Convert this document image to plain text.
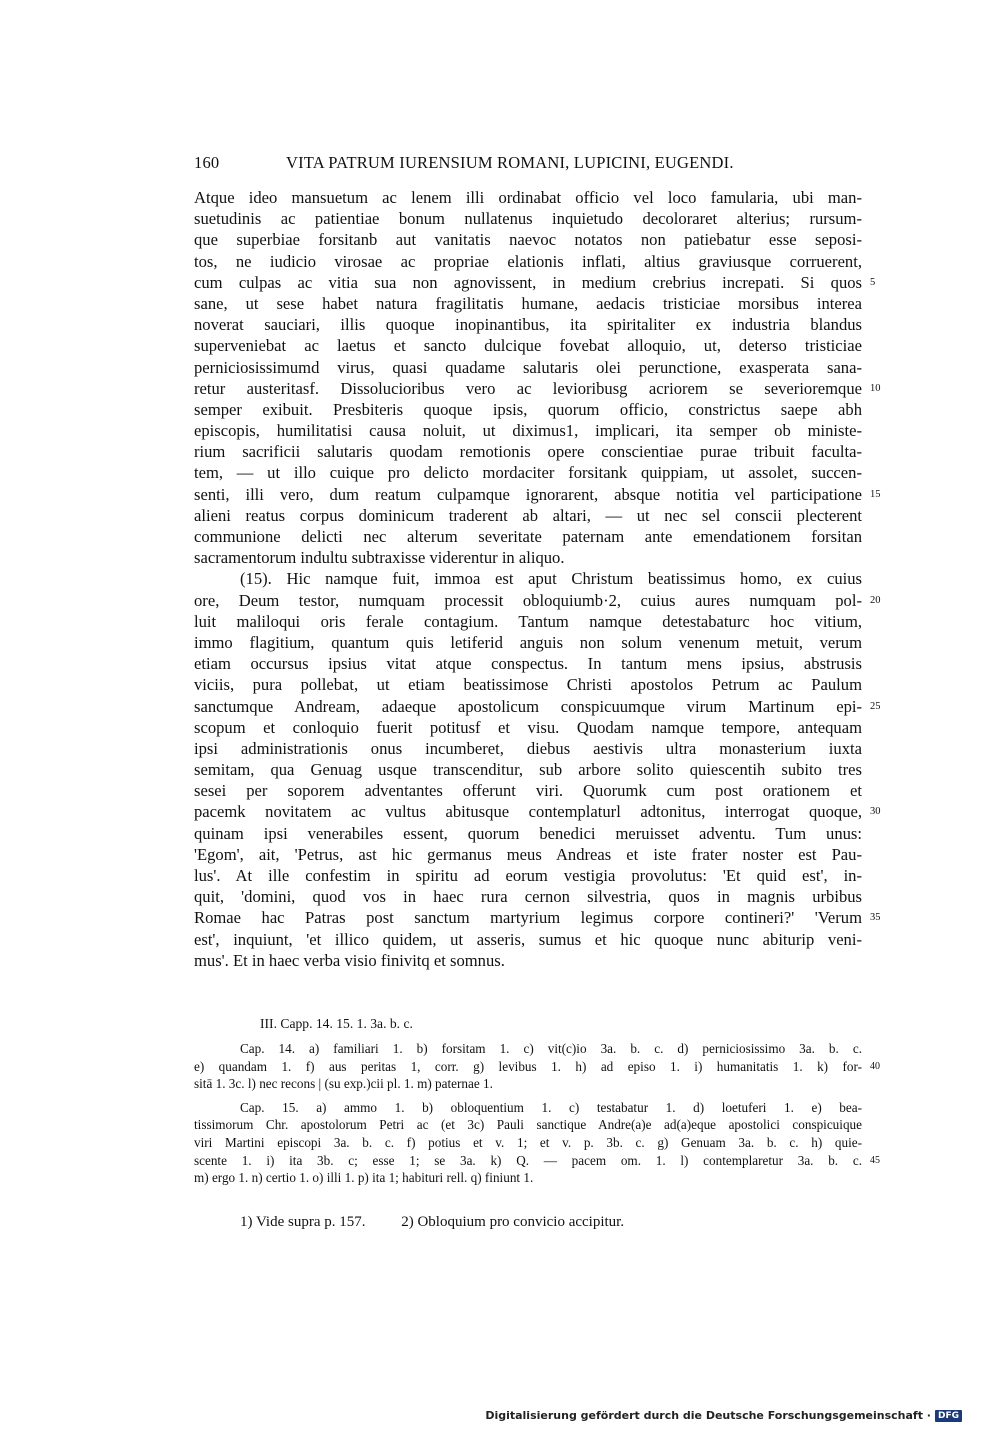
160	VITA PATRUM IURENSIUM ROMANI, LUPICINI, EUGENDI.
Atque ideo mansuetum ac lenem illi ordinabat officio vel loco famularia, ubi man-
suetudinis ac patientiae bonum nullatenus inquietudo decoloraret alterius; rursum-
que superbiae forsitanb aut vanitatis naevoc notatos non patiebatur esse seposi-
tos, ne iudicio virosae ac propriae elationis inflati, altius graviusque corruerent,
cum culpas ac vitia sua non agnovissent, in medium crebrius increpati. Si quos 5
sane, ut sese habet natura fragilitatis humane, aedacis tristiciae morsibus interea
noverat sauciari, illis quoque inopinantibus, ita spiritaliter ex industria blandus
superveniebat ac laetus et sancto dulcique fovebat alloquio, ut, deterso tristiciae
perniciosissimumd virus, quasi quadame salutaris olei perunctione, exasperata sana-
retur austeritasf. Dissolucioribus vero ac levioribusg acriorem se severioremque 10
semper exibuit. Presbiteris quoque ipsis, quorum officio, constrictus saepe abh
episcopis, humilitatisi causa noluit, ut diximus1, implicari, ita semper ob ministe-
rium sacrificii salutaris quodam remotionis opere conscientiae purae tribuit faculta-
tem, — ut illo cuique pro delicto mordaciter forsitank quippiam, ut assolet, succen-
senti, illi vero, dum reatum culpamque ignorarent, absque notitia vel participatione 15
alieni reatus corpus dominicum traderent ab altari, — ut nec sel conscii plecterent
communione delicti nec alterum severitate paternam ante emendationem forsitan
sacramentorum indultu subtraxisse viderentur in aliquo.
(15). Hic namque fuit, immoa est aput Christum beatissimus homo, ex cuius
ore, Deum testor, numquam processit obloquiumb·2, cuius aures numquam pol- 20
luit maliloqui oris ferale contagium. Tantum namque detestabaturc hoc vitium,
immo flagitium, quantum quis letiferid anguis non solum venenum metuit, verum
etiam occursus ipsius vitat atque conspectus. In tantum mens ipsius, abstrusis
viciis, pura pollebat, ut etiam beatissimose Christi apostolos Petrum ac Paulum
sanctumque Andream, adaeque apostolicum conspicuumque virum Martinum epi- 25
scopum et conloquio fuerit potitusf et visu. Quodam namque tempore, antequam
ipsi administrationis onus incumberet, diebus aestivis ultra monasterium iuxta
semitam, qua Genuag usque transcenditur, sub arbore solito quiescentih subito tres
sesei per soporem adventantes offerunt viri. Quorumk cum post orationem et
pacemk novitatem ac vultus abitusque contemplaturl adtonitus, interrogat quoque, 30
quinam ipsi venerabiles essent, quorum benedici meruisset adventu. Tum unus:
'Egom', ait, 'Petrus, ast hic germanus meus Andreas et iste frater noster est Pau-
lus'. At ille confestim in spiritu ad eorum vestigia provolutus: 'Et quid est', in-
quit, 'domini, quod vos in haec rura cernon silvestria, quos in magnis urbibus
Romae hac Patras post sanctum martyrium legimus corpore contineri?' 'Verum 35
est', inquiunt, 'et illico quidem, ut asseris, sumus et hic quoque nunc abiturip veni-
mus'. Et in haec verba visio finivitq et somnus.
III. Capp. 14. 15. 1. 3a. b. c.
Cap. 14. a) familiari 1. b) forsitam 1. c) vit(c)io 3a. b. c. d) perniciosissimo 3a. b. c.
e) quandam 1. f) aus peritas 1, corr. g) levibus 1. h) ad episo 1. i) humanitatis 1. k) for- 40
sitā 1. 3c. l) nec recons | (su exp.)cii pl. 1. m) paternae 1.
Cap. 15. a) ammo 1. b) obloquentium 1. c) testabatur 1. d) loetuferi 1. e) bea-
tissimorum Chr. apostolorum Petri ac (et 3c) Pauli sanctique Andre(a)e ad(a)eque apostolici conspicuique
viri Martini episcopi 3a. b. c. f) potius et v. 1; et v. p. 3b. c. g) Genuam 3a. b. c. h) quie-
scente 1. i) ita 3b. c; esse 1; se 3a. k) Q. — pacem om. 1. l) contemplaretur 3a. b. c. 45
m) ergo 1. n) certio 1. o) illi 1. p) ita 1; habituri rell. q) finiunt 1.
1) Vide supra p. 157. 2) Obloquium pro convicio accipitur.
Digitalisierung gefördert durch die Deutsche Forschungsgemeinschaft · DFG
